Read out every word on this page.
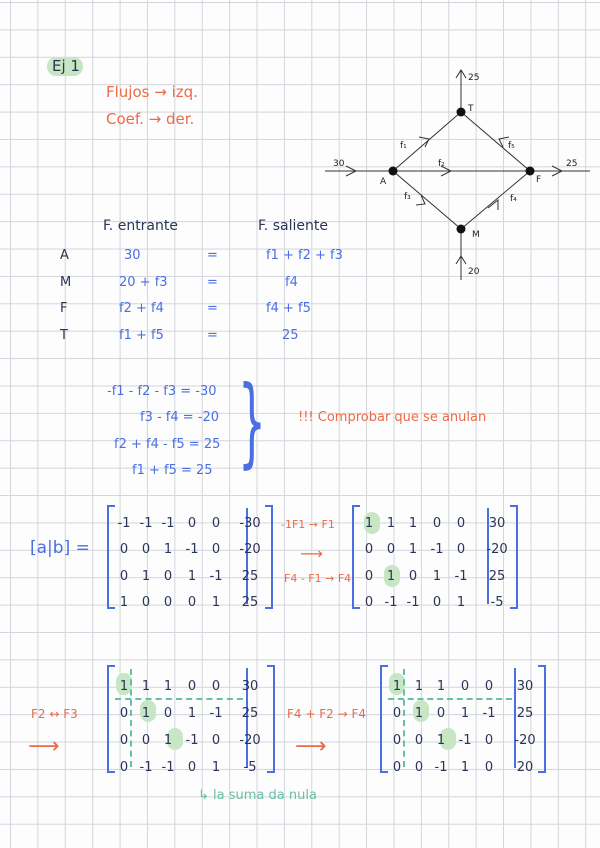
Ej 1
Flujos → izq.
Coef. → der.
A
T
F
M
30
25
25
20
f₁
f₂
f₃	f₄
f₅
F. entrante	F. saliente
A	30	=	f1 + f2 + f3
M	20 + f3	=	f4
F	f2 + f4	=	f4 + f5
T	f1 + f5	=	25
-f1 - f2 - f3 = -30
f3 - f4 = -20
f2 + f4 - f5 = 25
f1 + f5 = 25 } !!! Comprobar que se anulan
[a|b] =
-1 -1 -1	0	0	-30
0	0	1	-1	0	-20
0	1	0	1	-1	25
1	0	0	0	1	25
-1F1 → F1
⟶
F4 - F1 → F4
1	1	1	0	0	30
0	0	1	-1	0	-20
0	1	0	1	-1	25
0 -1 -1	0	1	-5
F2 ↔ F3
⟶
1	1	1	0	0	30
0	1	0	1	-1	25
0	0	1	-1	0	-20
0 -1 -1	0	1	-5
F4 + F2 → F4
⟶
1	1	1	0	0	30
0	1	0	1	-1	25
0	0	1	-1	0	-20
0	0 -1	1	0	20
↳ la suma da nula
